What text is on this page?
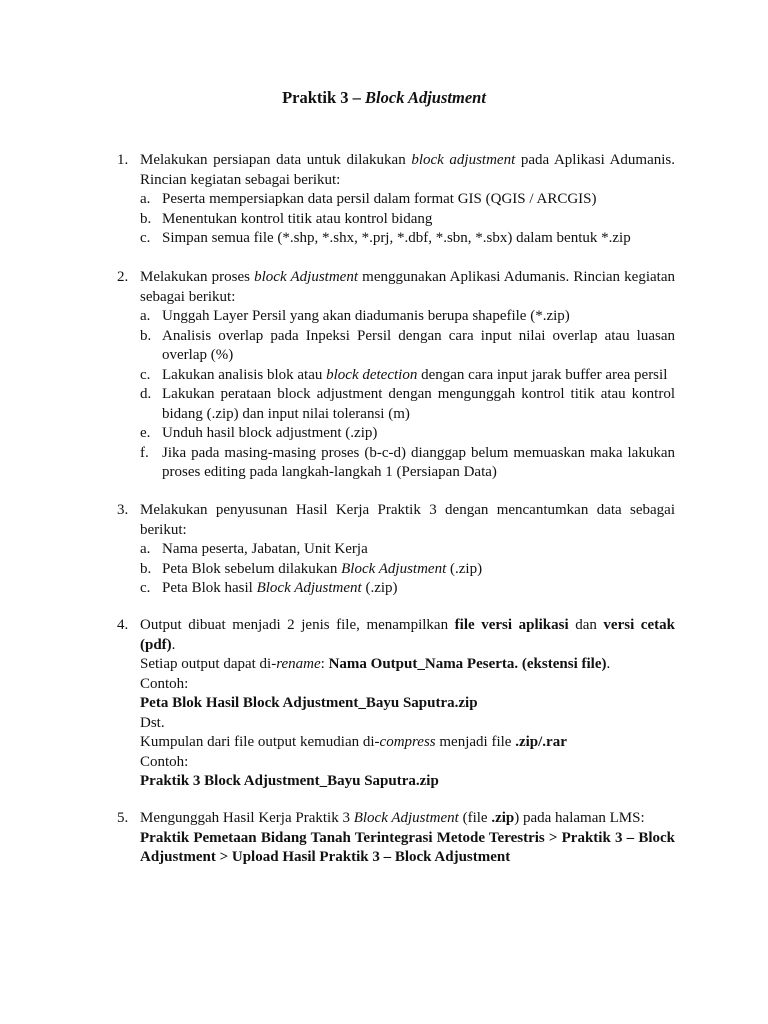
Praktik 3 – Block Adjustment
1. Melakukan persiapan data untuk dilakukan block adjustment pada Aplikasi Adumanis. Rincian kegiatan sebagai berikut:
a. Peserta mempersiapkan data persil dalam format GIS (QGIS / ARCGIS)
b. Menentukan kontrol titik atau kontrol bidang
c. Simpan semua file (*.shp, *.shx, *.prj, *.dbf, *.sbn, *.sbx) dalam bentuk *.zip
2. Melakukan proses block Adjustment menggunakan Aplikasi Adumanis. Rincian kegiatan sebagai berikut:
a. Unggah Layer Persil yang akan diadumanis berupa shapefile (*.zip)
b. Analisis overlap pada Inpeksi Persil dengan cara input nilai overlap atau luasan overlap (%)
c. Lakukan analisis blok atau block detection dengan cara input jarak buffer area persil
d. Lakukan perataan block adjustment dengan mengunggah kontrol titik atau kontrol bidang (.zip) dan input nilai toleransi (m)
e. Unduh hasil block adjustment (.zip)
f. Jika pada masing-masing proses (b-c-d) dianggap belum memuaskan maka lakukan proses editing pada langkah-langkah 1 (Persiapan Data)
3. Melakukan penyusunan Hasil Kerja Praktik 3 dengan mencantumkan data sebagai berikut:
a. Nama peserta, Jabatan, Unit Kerja
b. Peta Blok sebelum dilakukan Block Adjustment (.zip)
c. Peta Blok hasil Block Adjustment (.zip)
4. Output dibuat menjadi 2 jenis file, menampilkan file versi aplikasi dan versi cetak (pdf).
Setiap output dapat di-rename: Nama Output_Nama Peserta. (ekstensi file).
Contoh:
Peta Blok Hasil Block Adjustment_Bayu Saputra.zip
Dst.
Kumpulan dari file output kemudian di-compress menjadi file .zip/.rar
Contoh:
Praktik 3 Block Adjustment_Bayu Saputra.zip
5. Mengunggah Hasil Kerja Praktik 3 Block Adjustment (file .zip) pada halaman LMS:
Praktik Pemetaan Bidang Tanah Terintegrasi Metode Terestris > Praktik 3 – Block Adjustment > Upload Hasil Praktik 3 – Block Adjustment
